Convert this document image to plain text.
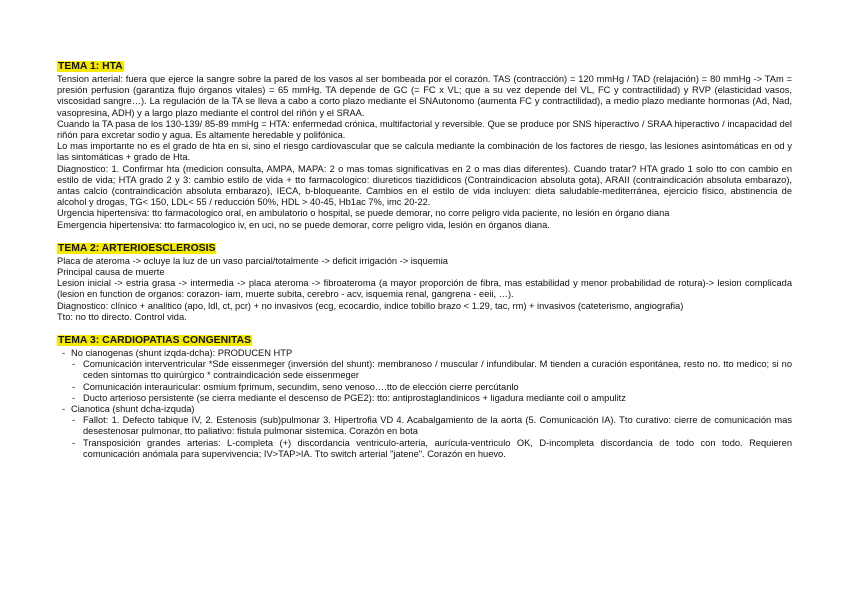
TEMA 1: HTA

Tension arterial: fuera que ejerce la sangre sobre la pared de los vasos al ser bombeada por el corazón. TAS (contracción) = 120 mmHg / TAD (relajación) = 80 mmHg -> TAm = presión perfusion (garantiza flujo órganos vitales) = 65 mmHg. TA depende de GC (= FC x VL; que a su vez depende del VL, FC y contractilidad) y RVP (elasticidad vasos, viscosidad sangre…). La regulación de la TA se lleva a cabo a corto plazo mediante el SNAutonomo (aumenta FC y contractilidad), a medio plazo mediante hormonas (Ad, Nad, vasopresina, ADH) y a largo plazo mediante el control del riñón y el SRAA.

Cuando la TA pasa de los 130-139/ 85-89 mmHg = HTA: enfermedad crónica, multifactorial y reversible. Que se produce por SNS hiperactivo / SRAA hiperactivo / incapacidad del riñón para excretar sodio y agua. Es altamente heredable y polifónica.

Lo mas importante no es el grado de hta en si, sino el riesgo cardiovascular que se calcula mediante la combinación de los factores de riesgo, las lesiones asintomáticas en od y las sintomáticas + grado de Hta.

Diagnostico: 1. Confirmar hta (medicion consulta, AMPA, MAPA: 2 o mas tomas significativas en 2 o mas dias diferentes). Cuando tratar? HTA grado 1 solo tto con cambio en estilo de vida; HTA grado 2 y 3: cambio estilo de vida + tto farmacologico: diureticos tiazididicos (Contraindicacion absoluta gota), ARAII (contraindicación absoluta embarazo), antas calcio (contraindicación absoluta embarazo), IECA, b-bloqueante. Cambios en el estilo de vida incluyen: dieta saludable-mediterránea, ejercicio físico, abstinencia de alcohol y drogas, TG< 150, LDL< 55 / reducción 50%, HDL > 40-45, Hb1ac 7%, imc 20-22.

Urgencia hipertensiva: tto farmacologico oral, en ambulatorio o hospital, se puede demorar, no corre peligro vida paciente, no lesión en órgano diana

Emergencia hipertensiva: tto farmacologico iv, en uci, no se puede demorar, corre peligro vida, lesión en órganos diana.

TEMA 2: ARTERIOESCLEROSIS

Placa de ateroma -> ocluye la luz de un vaso parcial/totalmente -> deficit irrigación -> isquemia

Principal causa de muerte

Lesion inicial -> estria grasa -> intermedia -> placa ateroma -> fibroateroma (a mayor proporción de fibra, mas estabilidad y menor probabilidad de rotura)-> lesion complicada (lesion en function de organos: corazon- iam, muerte subita, cerebro - acv, isquemia renal, gangrena - eeii, …).

Diagnostico: clínico + analitico (apo, ldl, ct, pcr) + no invasivos (ecg, ecocardio, indice tobillo brazo < 1.29, tac, rm) + invasivos (cateterismo, angiografia)

Tto: no tto directo. Control vida.

TEMA 3: CARDIOPATIAS CONGENITAS
- No cianogenas (shunt izqda-dcha): PRODUCEN HTP
- Comunicación interventricular *Sde eissenmeger (inversión del shunt): membranoso / muscular / infundibular. M tienden a curación espontánea, resto no. tto medico; si no ceden sintomas tto quirúrgico * contraindicación sede eissenmeger
- Comunicación interauricular: osmium fprimum, secundim, seno venoso….tto de elección cierre percútanlo
- Ducto arterioso persistente (se cierra mediante el descenso de PGE2): tto: antiprostaglandinicos + ligadura mediante coil o ampulitz
- Cianotica (shunt dcha-izquda)
- Fallot: 1. Defecto tabique IV, 2. Estenosis (sub)pulmonar 3. Hipertrofia VD 4. Acabalgamiento de la aorta (5. Comunicación IA). Tto curativo: cierre de comunicación mas desestenosar pulmonar, tto paliativo: fistula pulmonar sistemica. Corazón en bota
- Transposición grandes arterias: L-completa (+) discordancia ventriculo-arteria, aurícula-ventriculo OK, D-incompleta discordancia de todo con todo. Requieren comunicación anómala para supervivencia; IV>TAP>IA. Tto switch arterial "jatene". Corazón en huevo.
